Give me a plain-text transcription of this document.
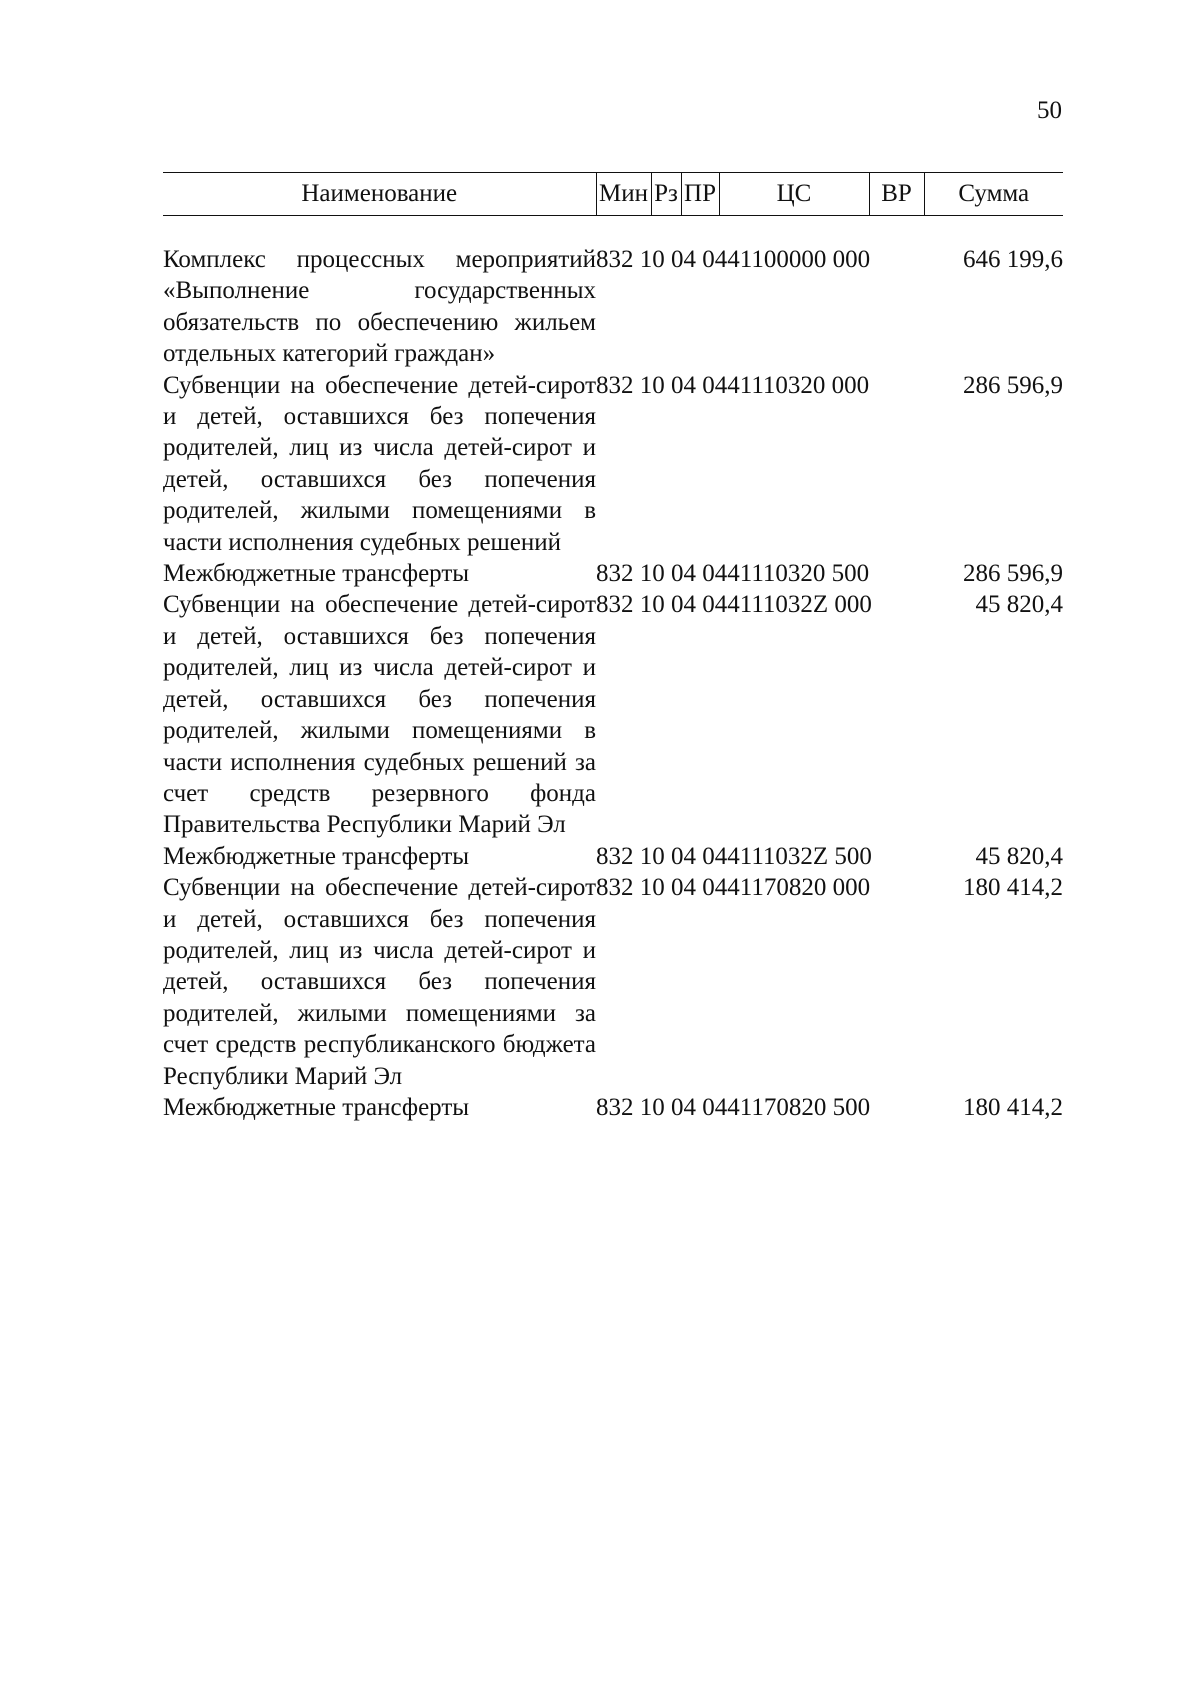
50
Наименование	Мин	Рз	ПР	ЦС	ВР	Сумма

Комплекс процессных мероприятий «Выполнение государственных обязательств по обеспечению жильем отдельных категорий граждан»	832 10 04 0441100000 000					646 199,6
Субвенции на обеспечение детей-сирот и детей, оставшихся без попечения родителей, лиц из числа детей-сирот и детей, оставшихся без попечения родителей, жилыми помещениями в части исполнения судебных решений	832 10 04 0441110320 000					286 596,9
Межбюджетные трансферты	832 10 04 0441110320 500					286 596,9
Субвенции на обеспечение детей-сирот и детей, оставшихся без попечения родителей, лиц из числа детей-сирот и детей, оставшихся без попечения родителей, жилыми помещениями в части исполнения судебных решений за счет средств резервного фонда Правительства Республики Марий Эл	832 10 04 044111032Z 000					45 820,4
Межбюджетные трансферты	832 10 04 044111032Z 500					45 820,4
Субвенции на обеспечение детей-сирот и детей, оставшихся без попечения родителей, лиц из числа детей-сирот и детей, оставшихся без попечения родителей, жилыми помещениями за счет средств республиканского бюджета Республики Марий Эл	832 10 04 0441170820 000					180 414,2
Межбюджетные трансферты	832 10 04 0441170820 500					180 414,2
